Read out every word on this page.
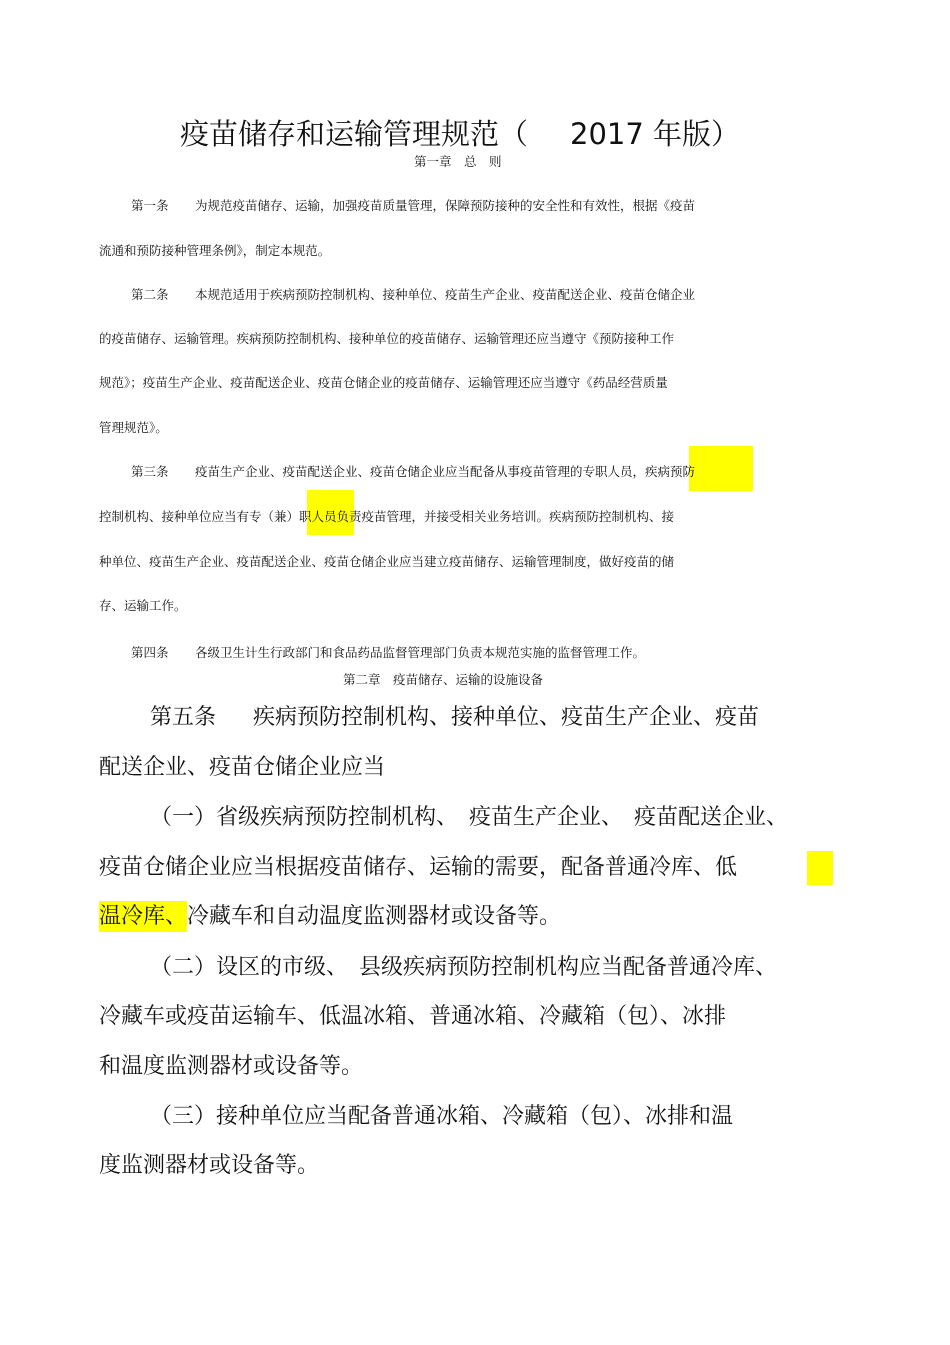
疫苗储存和运输管理规范（ 2017 年版）
第一章　总　则
第一条 为规范疫苗储存、运输，加强疫苗质量管理，保障预防接种的安全性和有效性，根据《疫苗
流通和预防接种管理条例》，制定本规范。
第二条 本规范适用于疾病预防控制机构、接种单位、疫苗生产企业、疫苗配送企业、疫苗仓储企业
的疫苗储存、运输管理。疾病预防控制机构、接种单位的疫苗储存、运输管理还应当遵守《预防接种工作
规范》；疫苗生产企业、疫苗配送企业、疫苗仓储企业的疫苗储存、运输管理还应当遵守《药品经营质量
管理规范》。
第三条 疫苗生产企业、疫苗配送企业、疫苗仓储企业应当配备从事疫苗管理的专职人员，疾病预防
控制机构、接种单位应当有专（兼）职人员负责疫苗管理，并接受相关业务培训。疾病预防控制机构、接
种单位、疫苗生产企业、疫苗配送企业、疫苗仓储企业应当建立疫苗储存、运输管理制度，做好疫苗的储
存、运输工作。
第四条 各级卫生计生行政部门和食品药品监督管理部门负责本规范实施的监督管理工作。
第二章　疫苗储存、运输的设施设备
第五条 疾病预防控制机构、接种单位、疫苗生产企业、疫苗
配送企业、疫苗仓储企业应当
（一）省级疾病预防控制机构、　疫苗生产企业、　疫苗配送企业、
疫苗仓储企业应当根据疫苗储存、运输的需要，配备普通冷库、低
温冷库、冷藏车和自动温度监测器材或设备等。
（二）设区的市级、　县级疾病预防控制机构应当配备普通冷库、
冷藏车或疫苗运输车、低温冰箱、普通冰箱、冷藏箱（包）、冰排
和温度监测器材或设备等。
（三）接种单位应当配备普通冰箱、冷藏箱（包）、冰排和温
度监测器材或设备等。
